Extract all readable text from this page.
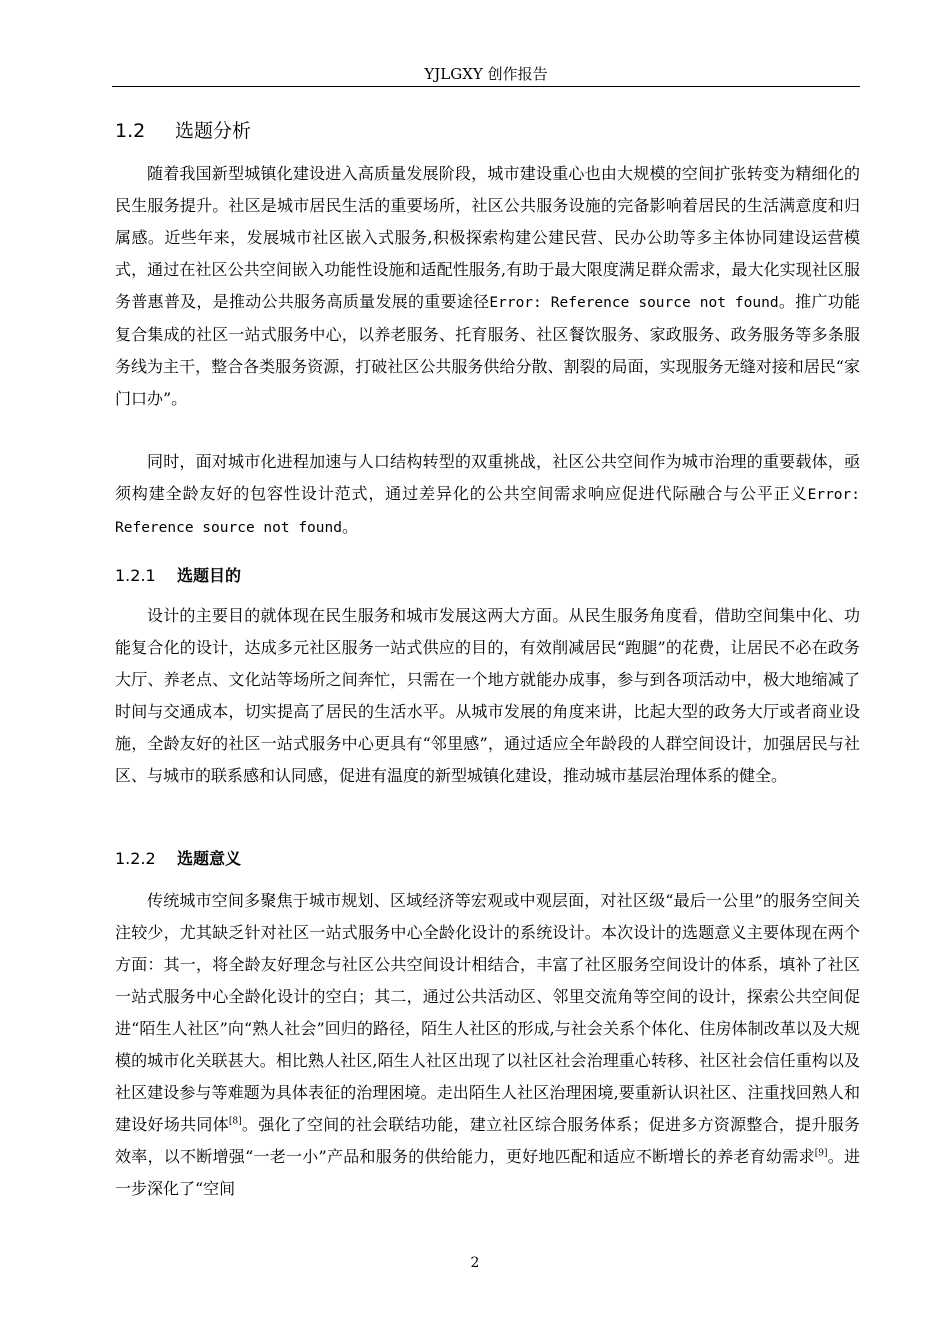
YJLGXY 创作报告
1.2 选题分析

随着我国新型城镇化建设进入高质量发展阶段，城市建设重心也由大规模的空间扩张转变为精细化的民生服务提升。社区是城市居民生活的重要场所，社区公共服务设施的完备影响着居民的生活满意度和归属感。近些年来，发展城市社区嵌入式服务,积极探索构建公建民营、民办公助等多主体协同建设运营模式，通过在社区公共空间嵌入功能性设施和适配性服务,有助于最大限度满足群众需求，最大化实现社区服务普惠普及，是推动公共服务高质量发展的重要途径Error: Reference source not found。推广功能复合集成的社区一站式服务中心，以养老服务、托育服务、社区餐饮服务、家政服务、政务服务等多条服务线为主干，整合各类服务资源，打破社区公共服务供给分散、割裂的局面，实现服务无缝对接和居民“家门口办”。

同时，面对城市化进程加速与人口结构转型的双重挑战，社区公共空间作为城市治理的重要载体，亟须构建全龄友好的包容性设计范式，通过差异化的公共空间需求响应促进代际融合与公平正义Error: Reference source not found。

1.2.1 选题目的

设计的主要目的就体现在民生服务和城市发展这两大方面。从民生服务角度看，借助空间集中化、功能复合化的设计，达成多元社区服务一站式供应的目的，有效削减居民“跑腿”的花费，让居民不必在政务大厅、养老点、文化站等场所之间奔忙，只需在一个地方就能办成事，参与到各项活动中，极大地缩减了时间与交通成本，切实提高了居民的生活水平。从城市发展的角度来讲，比起大型的政务大厅或者商业设施，全龄友好的社区一站式服务中心更具有“邻里感”，通过适应全年龄段的人群空间设计，加强居民与社区、与城市的联系感和认同感，促进有温度的新型城镇化建设，推动城市基层治理体系的健全。

1.2.2 选题意义

传统城市空间多聚焦于城市规划、区域经济等宏观或中观层面，对社区级“最后一公里”的服务空间关注较少，尤其缺乏针对社区一站式服务中心全龄化设计的系统设计。本次设计的选题意义主要体现在两个方面：其一，将全龄友好理念与社区公共空间设计相结合，丰富了社区服务空间设计的体系，填补了社区一站式服务中心全龄化设计的空白；其二，通过公共活动区、邻里交流角等空间的设计，探索公共空间促进“陌生人社区”向“熟人社会”回归的路径，陌生人社区的形成,与社会关系个体化、住房体制改革以及大规模的城市化关联甚大。相比熟人社区,陌生人社区出现了以社区社会治理重心转移、社区社会信任重构以及社区建设参与等难题为具体表征的治理困境。走出陌生人社区治理困境,要重新认识社区、注重找回熟人和建设好场共同体[8]。强化了空间的社会联结功能，建立社区综合服务体系；促进多方资源整合，提升服务效率，以不断增强“一老一小”产品和服务的供给能力，更好地匹配和适应不断增长的养老育幼需求[9]。进一步深化了“空间

2
